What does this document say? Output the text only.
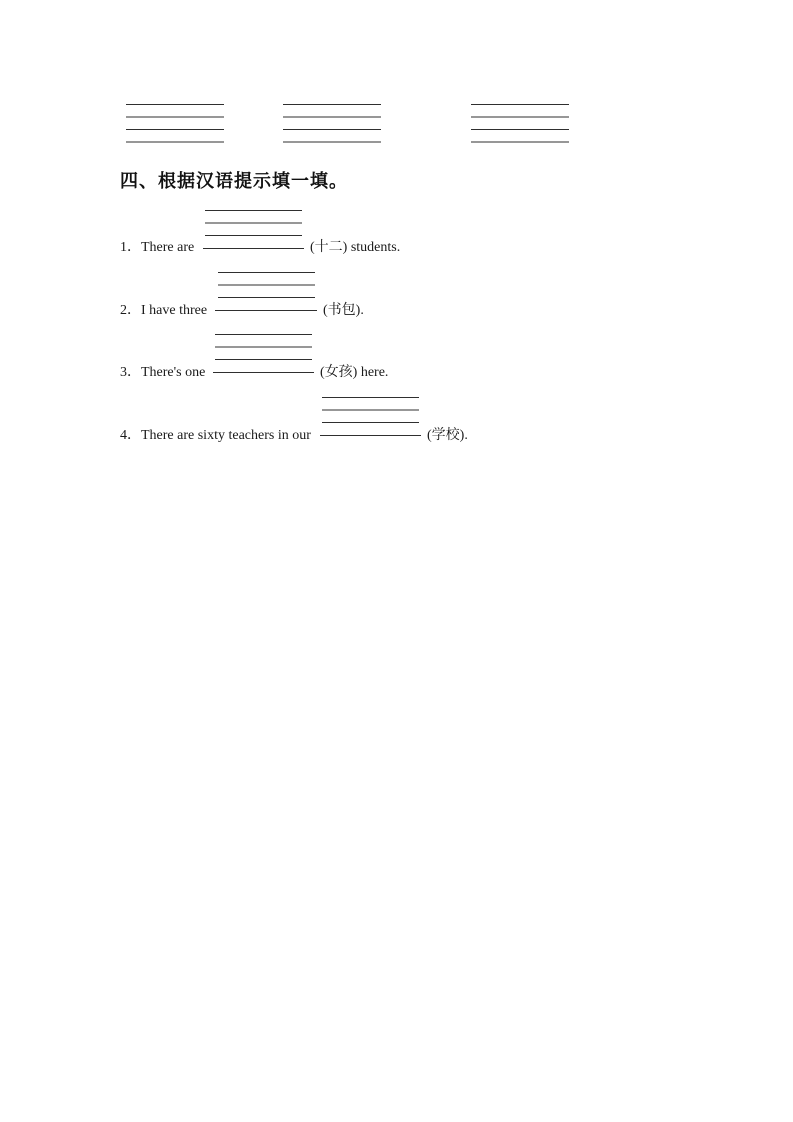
四、根据汉语提示填一填。
1． There are	(十二) students.
2． I have three	(书包).
3． There's one	(女孩) here.
4． There are sixty teachers in our	(学校).
